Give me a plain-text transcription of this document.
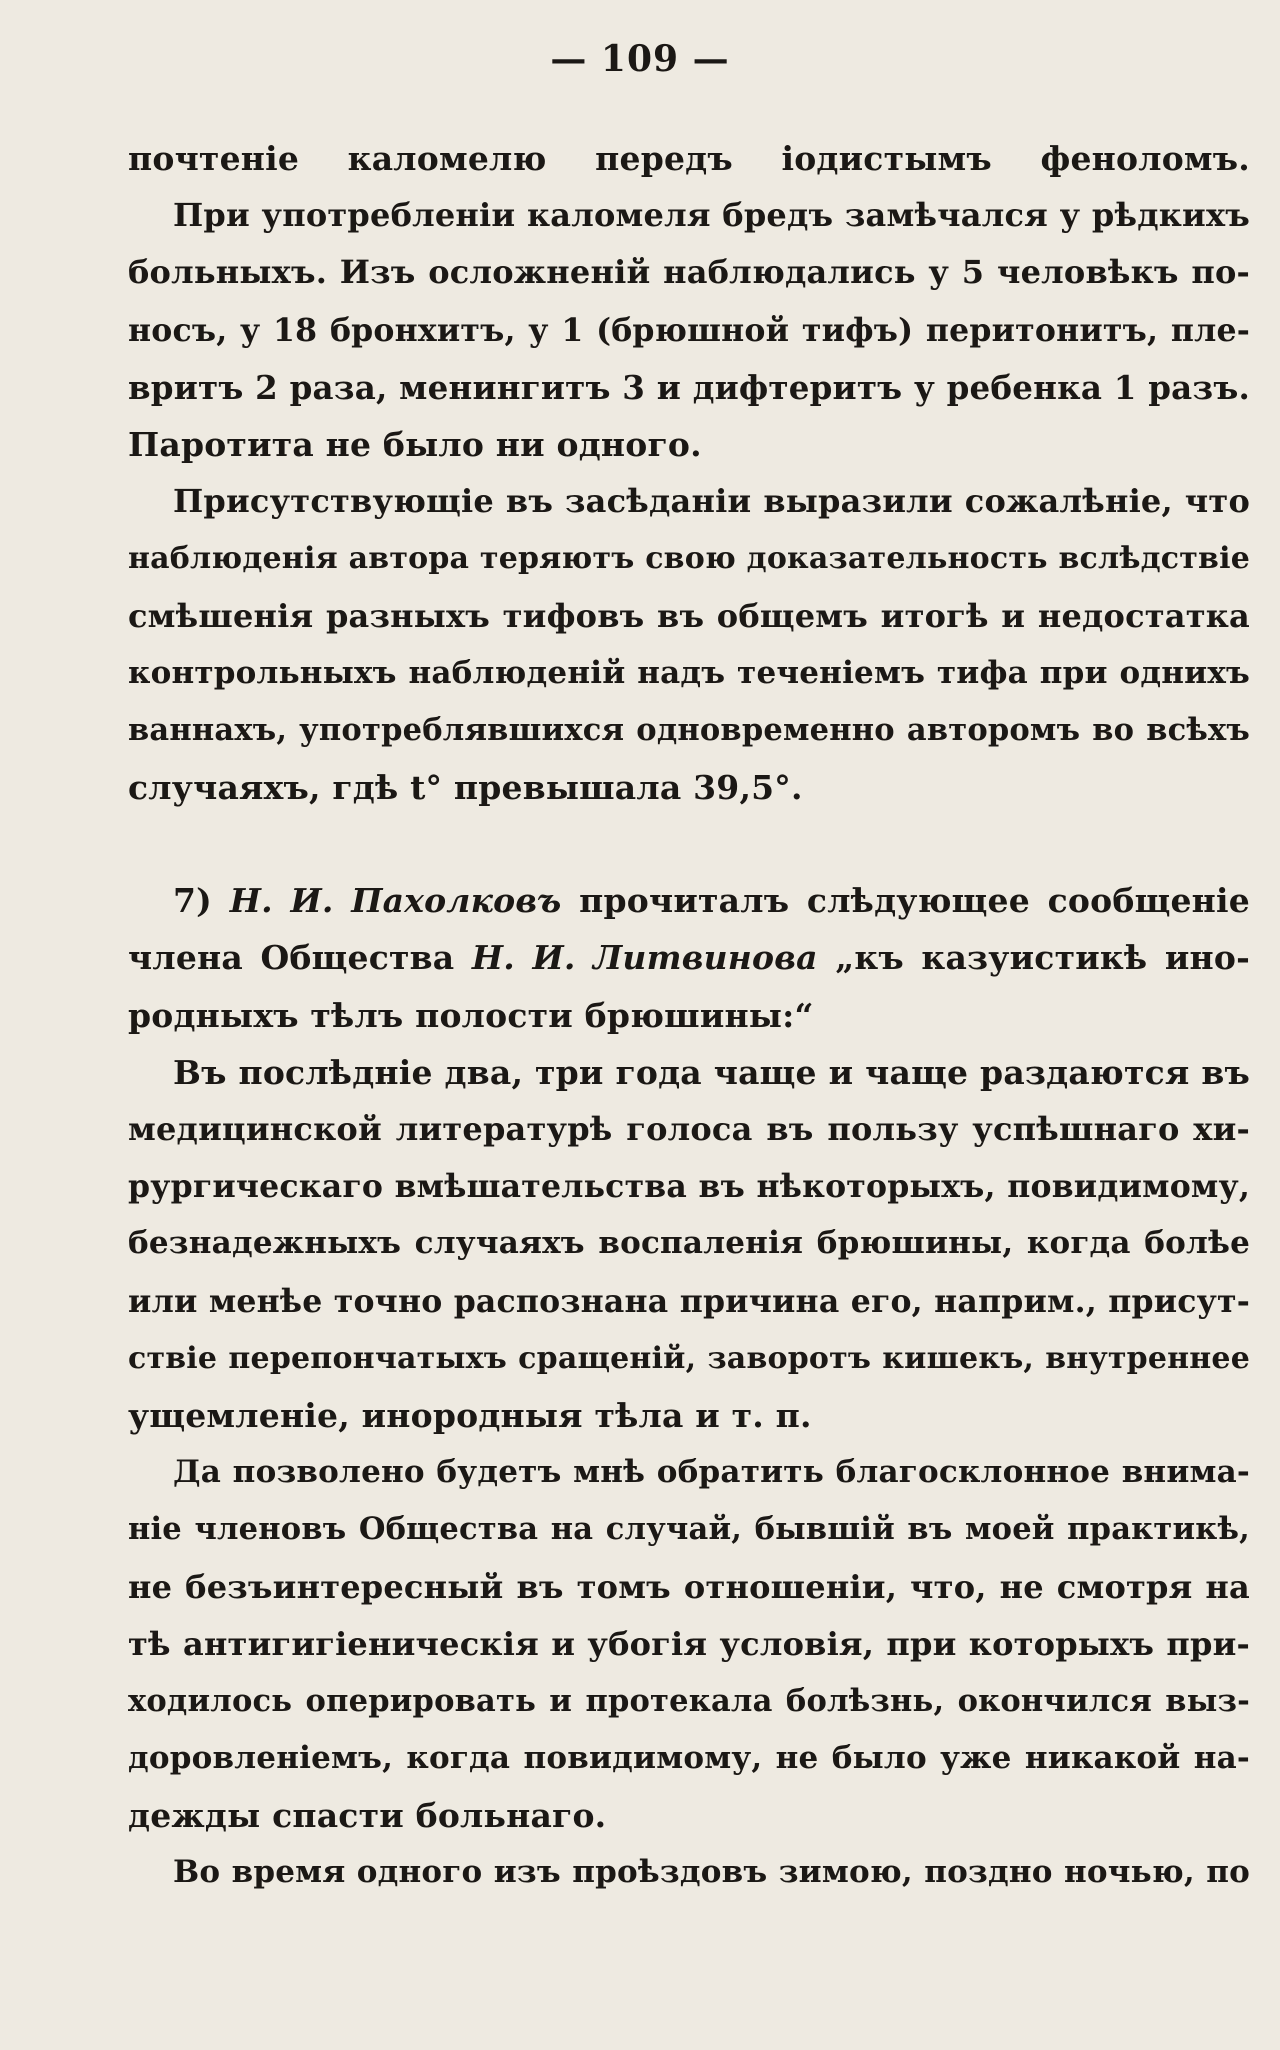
— 109 —
почтеніе каломелю передъ іодистымъ феноломъ.
При употребленіи каломеля бредъ замѣчался у рѣдкихъ
больныхъ. Изъ осложненій наблюдались у 5 человѣкъ по-
носъ, у 18 бронхитъ, у 1 (брюшной тифъ) перитонитъ, пле-
вритъ 2 раза, менингитъ 3 и дифтеритъ у ребенка 1 разъ.
Паротита не было ни одного.
Присутствующіе въ засѣданіи выразили сожалѣніе, что
наблюденія автора теряютъ свою доказательность вслѣдствіе
смѣшенія разныхъ тифовъ въ общемъ итогѣ и недостатка
контрольныхъ наблюденій надъ теченіемъ тифа при однихъ
ваннахъ, употреблявшихся одновременно авторомъ во всѣхъ
случаяхъ, гдѣ t° превышала 39,5°.
7) Н. И. Пахолковъ прочиталъ слѣдующее сообщеніе
члена Общества Н. И. Литвинова „къ казуистикѣ ино-
родныхъ тѣлъ полости брюшины:“
Въ послѣдніе два, три года чаще и чаще раздаются въ
медицинской литературѣ голоса въ пользу успѣшнаго хи-
рургическаго вмѣшательства въ нѣкоторыхъ, повидимому,
безнадежныхъ случаяхъ воспаленія брюшины, когда болѣе
или менѣе точно распознана причина его, наприм., присут-
ствіе перепончатыхъ сращеній, заворотъ кишекъ, внутреннее
ущемленіе, инородныя тѣла и т. п.
Да позволено будетъ мнѣ обратить благосклонное внима-
ніе членовъ Общества на случай, бывшій въ моей практикѣ,
не безъинтересный въ томъ отношеніи, что, не смотря на
тѣ антигигіеническія и убогія условія, при которыхъ при-
ходилось оперировать и протекала болѣзнь, окончился выз-
доровленіемъ, когда повидимому, не было уже никакой на-
дежды спасти больнаго.
Во время одного изъ проѣздовъ зимою, поздно ночью, по
